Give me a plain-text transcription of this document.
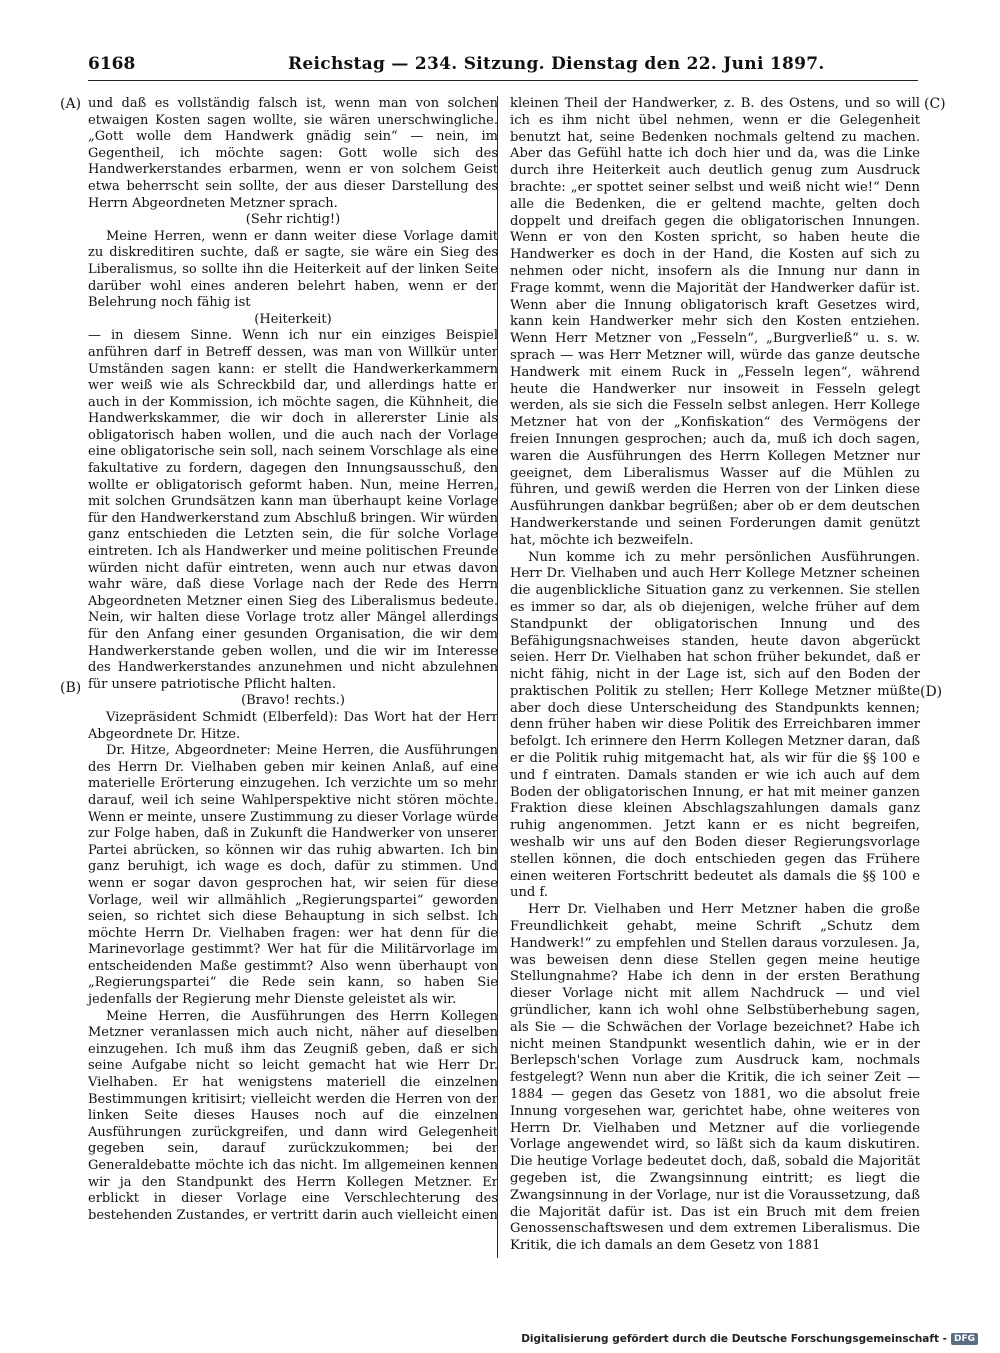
6168	Reichstag — 234. Sitzung. Dienstag den 22. Juni 1897.
(A)
(B)
(C)
(D)

und daß es vollständig falsch ist, wenn man von solchen etwaigen Kosten sagen wollte, sie wären unerschwingliche. „Gott wolle dem Handwerk gnädig sein“ — nein, im Gegentheil, ich möchte sagen: Gott wolle sich des Handwerkerstandes erbarmen, wenn er von solchem Geist etwa beherrscht sein sollte, der aus dieser Darstellung des Herrn Abgeordneten Metzner sprach.

(Sehr richtig!)

Meine Herren, wenn er dann weiter diese Vorlage damit zu diskreditiren suchte, daß er sagte, sie wäre ein Sieg des Liberalismus, so sollte ihn die Heiterkeit auf der linken Seite darüber wohl eines anderen belehrt haben, wenn er der Belehrung noch fähig ist

(Heiterkeit)

— in diesem Sinne. Wenn ich nur ein einziges Beispiel anführen darf in Betreff dessen, was man von Willkür unter Umständen sagen kann: er stellt die Handwerkerkammern wer weiß wie als Schreckbild dar, und allerdings hatte er auch in der Kommission, ich möchte sagen, die Kühnheit, die Handwerkskammer, die wir doch in allererster Linie als obligatorisch haben wollen, und die auch nach der Vorlage eine obligatorische sein soll, nach seinem Vorschlage als eine fakultative zu fordern, dagegen den Innungsausschuß, den wollte er obligatorisch geformt haben. Nun, meine Herren, mit solchen Grundsätzen kann man überhaupt keine Vorlage für den Handwerkerstand zum Abschluß bringen. Wir würden ganz entschieden die Letzten sein, die für solche Vorlage eintreten. Ich als Handwerker und meine politischen Freunde würden nicht dafür eintreten, wenn auch nur etwas davon wahr wäre, daß diese Vorlage nach der Rede des Herrn Abgeordneten Metzner einen Sieg des Liberalismus bedeute. Nein, wir halten diese Vorlage trotz aller Mängel allerdings für den Anfang einer gesunden Organisation, die wir dem Handwerkerstande geben wollen, und die wir im Interesse des Handwerkerstandes anzunehmen und nicht abzulehnen für unsere patriotische Pflicht halten.

(Bravo! rechts.)

Vizepräsident Schmidt (Elberfeld): Das Wort hat der Herr Abgeordnete Dr. Hitze.

Dr. Hitze, Abgeordneter: Meine Herren, die Ausführungen des Herrn Dr. Vielhaben geben mir keinen Anlaß, auf eine materielle Erörterung einzugehen. Ich verzichte um so mehr darauf, weil ich seine Wahlperspektive nicht stören möchte. Wenn er meinte, unsere Zustimmung zu dieser Vorlage würde zur Folge haben, daß in Zukunft die Handwerker von unserer Partei abrücken, so können wir das ruhig abwarten. Ich bin ganz beruhigt, ich wage es doch, dafür zu stimmen. Und wenn er sogar davon gesprochen hat, wir seien für diese Vorlage, weil wir allmählich „Regierungspartei“ geworden seien, so richtet sich diese Behauptung in sich selbst. Ich möchte Herrn Dr. Vielhaben fragen: wer hat denn für die Marinevorlage gestimmt? Wer hat für die Militärvorlage im entscheidenden Maße gestimmt? Also wenn überhaupt von „Regierungspartei“ die Rede sein kann, so haben Sie jedenfalls der Regierung mehr Dienste geleistet als wir.

Meine Herren, die Ausführungen des Herrn Kollegen Metzner veranlassen mich auch nicht, näher auf dieselben einzugehen. Ich muß ihm das Zeugniß geben, daß er sich seine Aufgabe nicht so leicht gemacht hat wie Herr Dr. Vielhaben. Er hat wenigstens materiell die einzelnen Bestimmungen kritisirt; vielleicht werden die Herren von der linken Seite dieses Hauses noch auf die einzelnen Ausführungen zurückgreifen, und dann wird Gelegenheit gegeben sein, darauf zurückzukommen; bei der Generaldebatte möchte ich das nicht. Im allgemeinen kennen wir ja den Standpunkt des Herrn Kollegen Metzner. Er erblickt in dieser Vorlage eine Verschlechterung des bestehenden Zustandes, er vertritt darin auch vielleicht einen

kleinen Theil der Handwerker, z. B. des Ostens, und so will ich es ihm nicht übel nehmen, wenn er die Gelegenheit benutzt hat, seine Bedenken nochmals geltend zu machen. Aber das Gefühl hatte ich doch hier und da, was die Linke durch ihre Heiterkeit auch deutlich genug zum Ausdruck brachte: „er spottet seiner selbst und weiß nicht wie!“ Denn alle die Bedenken, die er geltend machte, gelten doch doppelt und dreifach gegen die obligatorischen Innungen. Wenn er von den Kosten spricht, so haben heute die Handwerker es doch in der Hand, die Kosten auf sich zu nehmen oder nicht, insofern als die Innung nur dann in Frage kommt, wenn die Majorität der Handwerker dafür ist. Wenn aber die Innung obligatorisch kraft Gesetzes wird, kann kein Handwerker mehr sich den Kosten entziehen. Wenn Herr Metzner von „Fesseln“, „Burgverließ“ u. s. w. sprach — was Herr Metzner will, würde das ganze deutsche Handwerk mit einem Ruck in „Fesseln legen“, während heute die Handwerker nur insoweit in Fesseln gelegt werden, als sie sich die Fesseln selbst anlegen. Herr Kollege Metzner hat von der „Konfiskation“ des Vermögens der freien Innungen gesprochen; auch da, muß ich doch sagen, waren die Ausführungen des Herrn Kollegen Metzner nur geeignet, dem Liberalismus Wasser auf die Mühlen zu führen, und gewiß werden die Herren von der Linken diese Ausführungen dankbar begrüßen; aber ob er dem deutschen Handwerkerstande und seinen Forderungen damit genützt hat, möchte ich bezweifeln.

Nun komme ich zu mehr persönlichen Ausführungen. Herr Dr. Vielhaben und auch Herr Kollege Metzner scheinen die augenblickliche Situation ganz zu verkennen. Sie stellen es immer so dar, als ob diejenigen, welche früher auf dem Standpunkt der obligatorischen Innung und des Befähigungsnachweises standen, heute davon abgerückt seien. Herr Dr. Vielhaben hat schon früher bekundet, daß er nicht fähig, nicht in der Lage ist, sich auf den Boden der praktischen Politik zu stellen; Herr Kollege Metzner müßte aber doch diese Unterscheidung des Standpunkts kennen; denn früher haben wir diese Politik des Erreichbaren immer befolgt. Ich erinnere den Herrn Kollegen Metzner daran, daß er die Politik ruhig mitgemacht hat, als wir für die §§ 100 e und f eintraten. Damals standen er wie ich auch auf dem Boden der obligatorischen Innung, er hat mit meiner ganzen Fraktion diese kleinen Abschlagszahlungen damals ganz ruhig angenommen. Jetzt kann er es nicht begreifen, weshalb wir uns auf den Boden dieser Regierungsvorlage stellen können, die doch entschieden gegen das Frühere einen weiteren Fortschritt bedeutet als damals die §§ 100 e und f.

Herr Dr. Vielhaben und Herr Metzner haben die große Freundlichkeit gehabt, meine Schrift „Schutz dem Handwerk!“ zu empfehlen und Stellen daraus vorzulesen. Ja, was beweisen denn diese Stellen gegen meine heutige Stellungnahme? Habe ich denn in der ersten Berathung dieser Vorlage nicht mit allem Nachdruck — und viel gründlicher, kann ich wohl ohne Selbstüberhebung sagen, als Sie — die Schwächen der Vorlage bezeichnet? Habe ich nicht meinen Standpunkt wesentlich dahin, wie er in der Berlepsch'schen Vorlage zum Ausdruck kam, nochmals festgelegt? Wenn nun aber die Kritik, die ich seiner Zeit — 1884 — gegen das Gesetz von 1881, wo die absolut freie Innung vorgesehen war, gerichtet habe, ohne weiteres von Herrn Dr. Vielhaben und Metzner auf die vorliegende Vorlage angewendet wird, so läßt sich da kaum diskutiren. Die heutige Vorlage bedeutet doch, daß, sobald die Majorität gegeben ist, die Zwangsinnung eintritt; es liegt die Zwangsinnung in der Vorlage, nur ist die Voraussetzung, daß die Majorität dafür ist. Das ist ein Bruch mit dem freien Genossenschaftswesen und dem extremen Liberalismus. Die Kritik, die ich damals an dem Gesetz von 1881

Digitalisierung gefördert durch die Deutsche Forschungsgemeinschaft - DFG
